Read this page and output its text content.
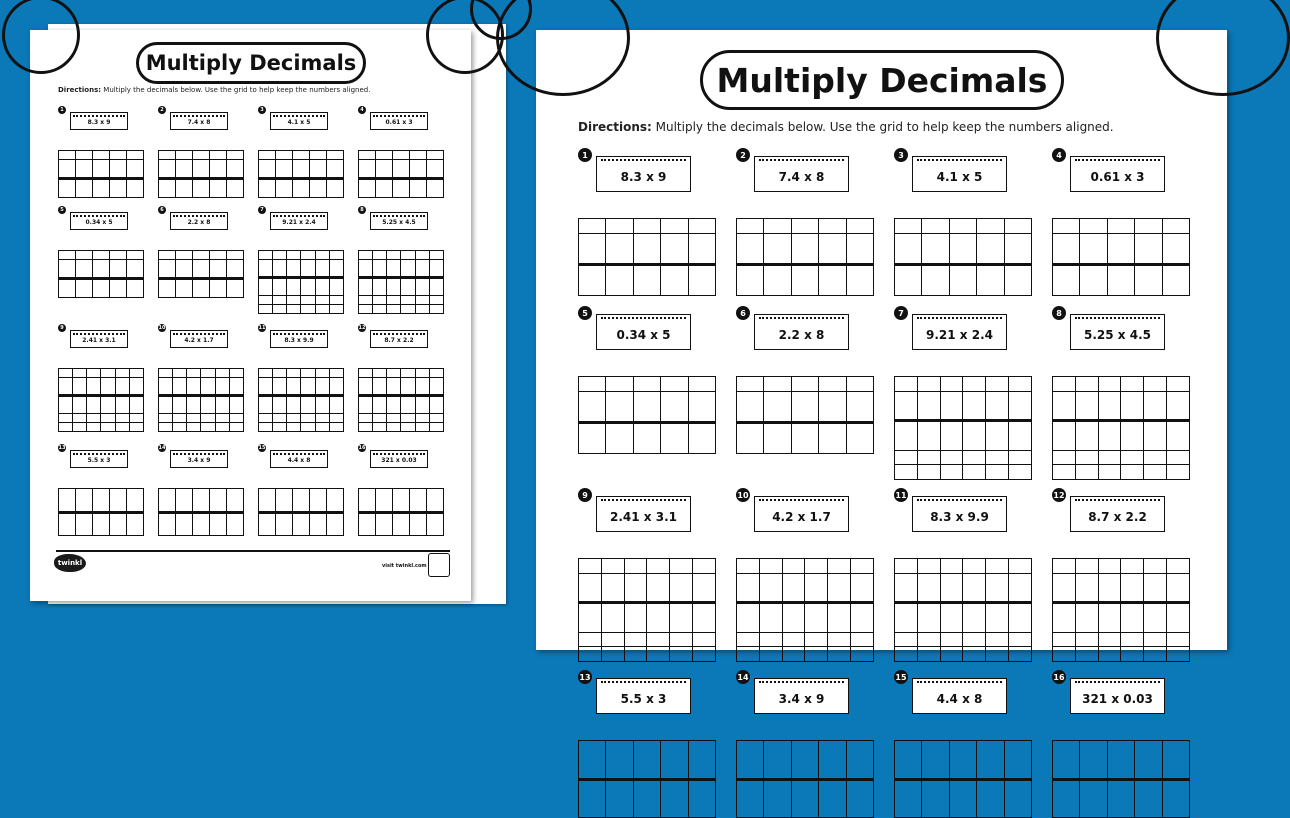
Multiply Decimals
Directions: Multiply the decimals below. Use the grid to help keep the numbers aligned.
1
8.3 x 9

2
7.4 x 8

3
4.1 x 5

4
0.61 x 3

5
0.34 x 5

6
2.2 x 8

7
9.21 x 2.4

8
5.25 x 4.5

9
2.41 x 3.1

10
4.2 x 1.7

11
8.3 x 9.9

12
8.7 x 2.2

13
5.5 x 3

14
3.4 x 9

15
4.4 x 8

16
321 x 0.03

twinkl	visit twinkl.com
Multiply Decimals
Directions: Multiply the decimals below. Use the grid to help keep the numbers aligned.
1
8.3 x 9

2
7.4 x 8

3
4.1 x 5

4
0.61 x 3

5
0.34 x 5

6
2.2 x 8

7
9.21 x 2.4

8
5.25 x 4.5

9
2.41 x 3.1

10
4.2 x 1.7

11
8.3 x 9.9

12
8.7 x 2.2

13
5.5 x 3

14
3.4 x 9

15
4.4 x 8

16
321 x 0.03
